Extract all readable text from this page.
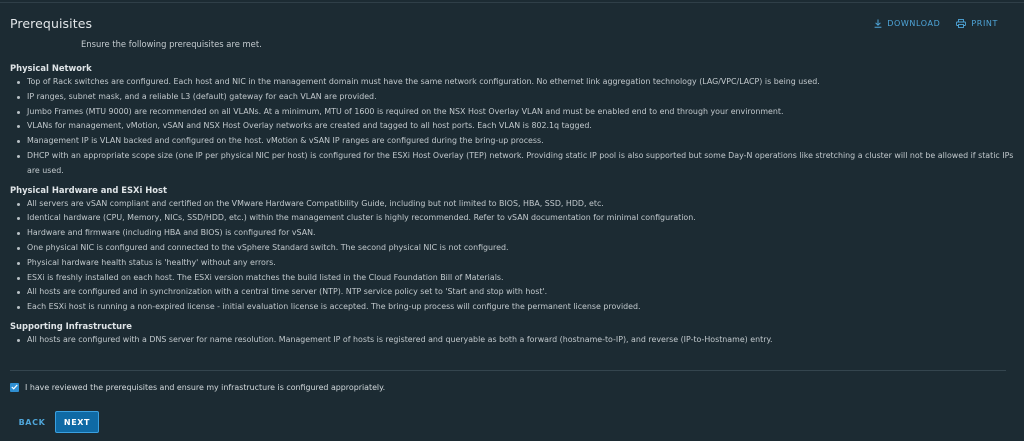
Prerequisites
Ensure the following prerequisites are met.
DOWNLOAD	PRINT
Physical Network
Top of Rack switches are configured. Each host and NIC in the management domain must have the same network configuration. No ethernet link aggregation technology (LAG/VPC/LACP) is being used.
IP ranges, subnet mask, and a reliable L3 (default) gateway for each VLAN are provided.
Jumbo Frames (MTU 9000) are recommended on all VLANs. At a minimum, MTU of 1600 is required on the NSX Host Overlay VLAN and must be enabled end to end through your environment.
VLANs for management, vMotion, vSAN and NSX Host Overlay networks are created and tagged to all host ports. Each VLAN is 802.1q tagged.
Management IP is VLAN backed and configured on the host. vMotion & vSAN IP ranges are configured during the bring-up process.
DHCP with an appropriate scope size (one IP per physical NIC per host) is configured for the ESXi Host Overlay (TEP) network. Providing static IP pool is also supported but some Day-N operations like stretching a cluster will not be allowed if static IPs are used.
Physical Hardware and ESXi Host
All servers are vSAN compliant and certified on the VMware Hardware Compatibility Guide, including but not limited to BIOS, HBA, SSD, HDD, etc.
Identical hardware (CPU, Memory, NICs, SSD/HDD, etc.) within the management cluster is highly recommended. Refer to vSAN documentation for minimal configuration.
Hardware and firmware (including HBA and BIOS) is configured for vSAN.
One physical NIC is configured and connected to the vSphere Standard switch. The second physical NIC is not configured.
Physical hardware health status is 'healthy' without any errors.
ESXi is freshly installed on each host. The ESXi version matches the build listed in the Cloud Foundation Bill of Materials.
All hosts are configured and in synchronization with a central time server (NTP). NTP service policy set to 'Start and stop with host'.
Each ESXi host is running a non-expired license - initial evaluation license is accepted. The bring-up process will configure the permanent license provided.
Supporting Infrastructure
All hosts are configured with a DNS server for name resolution. Management IP of hosts is registered and queryable as both a forward (hostname-to-IP), and reverse (IP-to-Hostname) entry.
I have reviewed the prerequisites and ensure my infrastructure is configured appropriately.
BACK	NEXT
